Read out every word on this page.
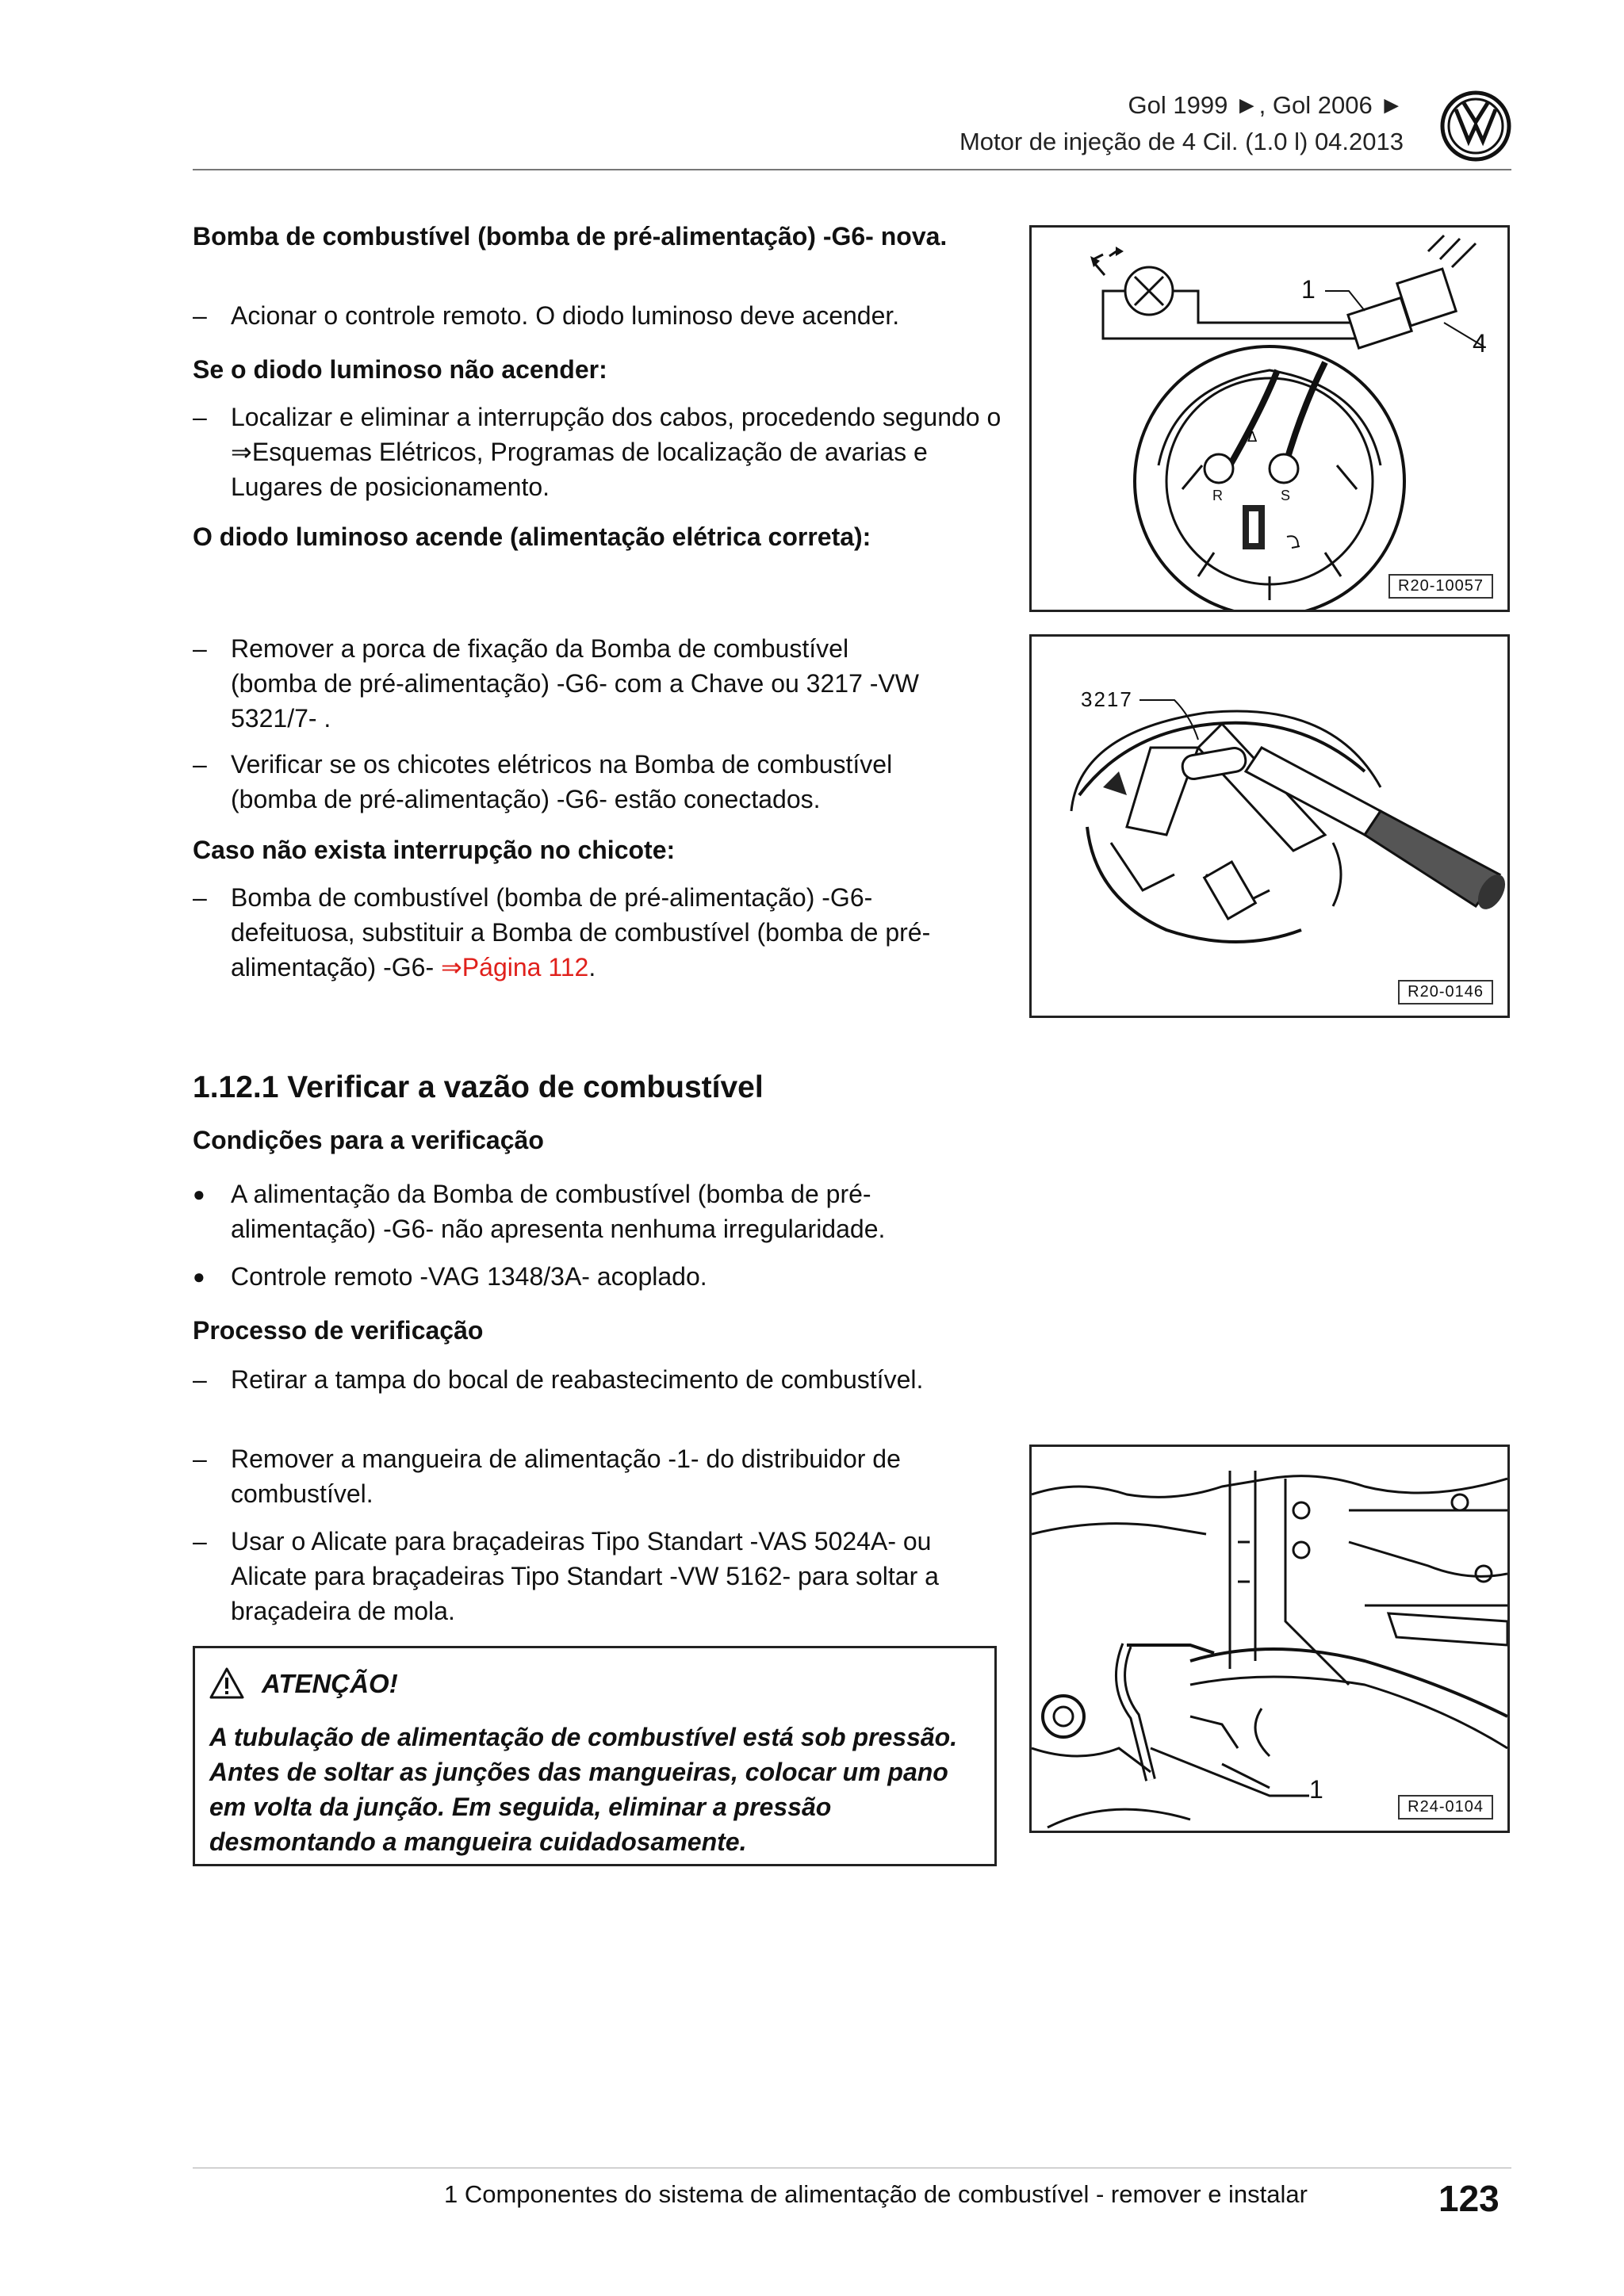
Gol 1999 ►, Gol 2006 ►
Motor de injeção de 4 Cil. (1.0 l) 04.2013
Bomba de combustível (bomba de pré-alimentação) -G6- nova.
– Acionar o controle remoto. O diodo luminoso deve acender.
Se o diodo luminoso não acender:
– Localizar e eliminar a interrupção dos cabos, procedendo segundo o ⇒Esquemas Elétricos, Programas de localização de avarias e Lugares de posicionamento.
O diodo luminoso acende (alimentação elétrica correta):
Δ
1
4
R	S
R20-10057
– Remover a porca de fixação da Bomba de combustível (bomba de pré-alimentação) -G6- com a Chave ou 3217 -VW 5321/7- .
– Verificar se os chicotes elétricos na Bomba de combustível (bomba de pré-alimentação) -G6- estão conectados.
Caso não exista interrupção no chicote:
– Bomba de combustível (bomba de pré-alimentação) -G6- defeituosa, substituir a Bomba de combustível (bomba de pré-alimentação) -G6- ⇒Página 112.
3217
R20-0146
1.12.1 Verificar a vazão de combustível
Condições para a verificação
●	A alimentação da Bomba de combustível (bomba de pré-alimentação) -G6- não apresenta nenhuma irregularidade.
●	Controle remoto -VAG 1348/3A- acoplado.
Processo de verificação
– Retirar a tampa do bocal de reabastecimento de combustível.
– Remover a mangueira de alimentação -1- do distribuidor de combustível.
– Usar o Alicate para braçadeiras Tipo Standart -VAS 5024A- ou Alicate para braçadeiras Tipo Standart -VW 5162- para soltar a braçadeira de mola.
ATENÇÃO!
A tubulação de alimentação de combustível está sob pressão. Antes de soltar as junções das mangueiras, colocar um pano em volta da junção. Em seguida, eliminar a pressão desmontando a mangueira cuidadosamente.
1
R24-0104
1 Componentes do sistema de alimentação de combustível - remover e instalar	123
